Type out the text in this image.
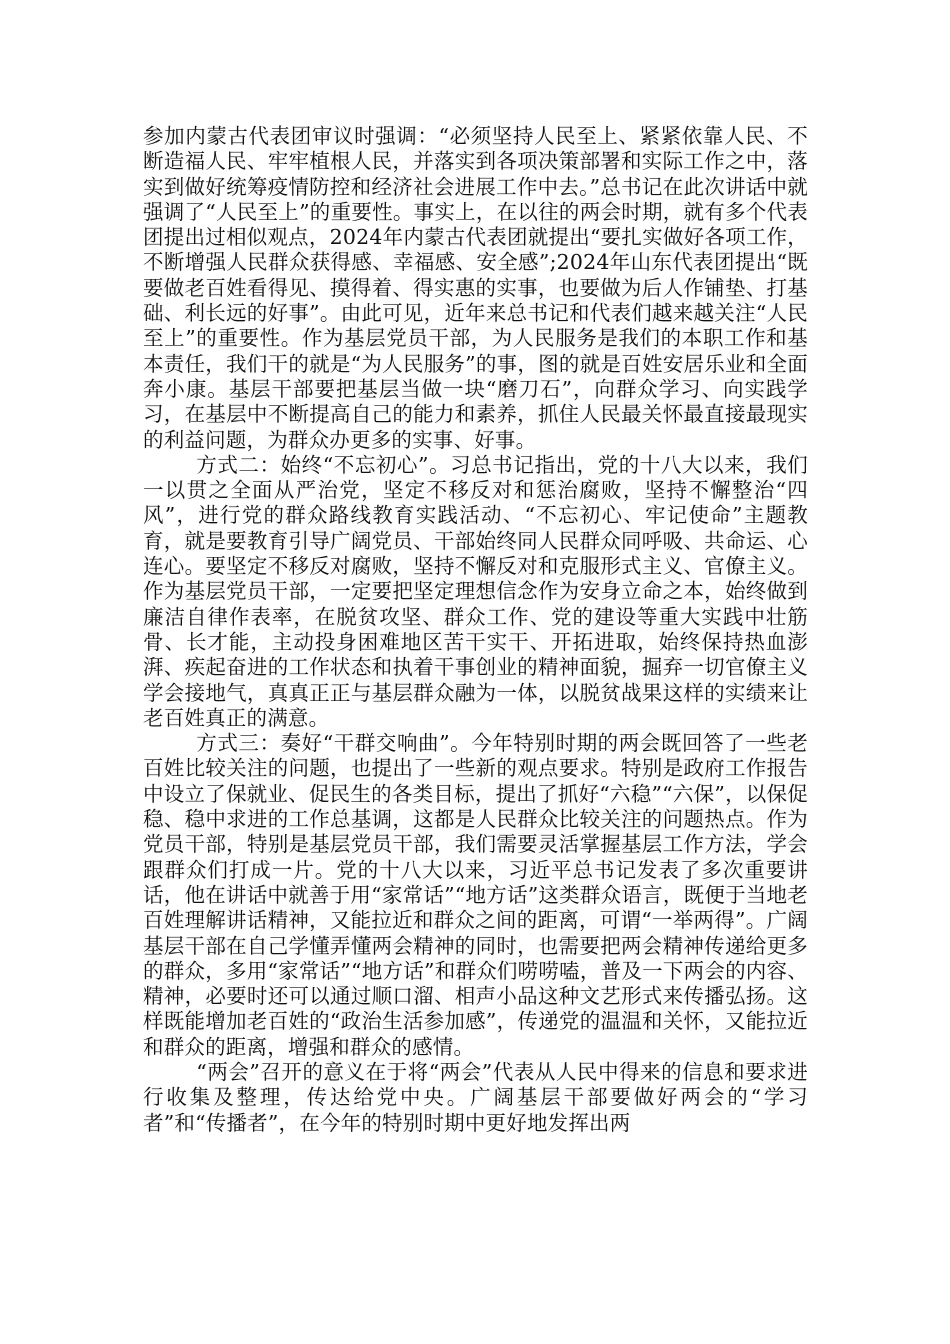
参加内蒙古代表团审议时强调：“必须坚持人民至上、紧紧依靠人民、不断造福人民、牢牢植根人民，并落实到各项决策部署和实际工作之中，落实到做好统筹疫情防控和经济社会进展工作中去。”总书记在此次讲话中就强调了“人民至上”的重要性。事实上，在以往的两会时期，就有多个代表团提出过相似观点，2024年内蒙古代表团就提出“要扎实做好各项工作，不断增强人民群众获得感、幸福感、安全感”;2024年山东代表团提出“既要做老百姓看得见、摸得着、得实惠的实事，也要做为后人作铺垫、打基础、利长远的好事”。由此可见，近年来总书记和代表们越来越关注“人民至上”的重要性。作为基层党员干部，为人民服务是我们的本职工作和基本责任，我们干的就是“为人民服务”的事，图的就是百姓安居乐业和全面奔小康。基层干部要把基层当做一块“磨刀石”，向群众学习、向实践学习，在基层中不断提高自己的能力和素养，抓住人民最关怀最直接最现实的利益问题，为群众办更多的实事、好事。

方式二：始终“不忘初心”。习总书记指出，党的十八大以来，我们一以贯之全面从严治党，坚定不移反对和惩治腐败，坚持不懈整治“四风”，进行党的群众路线教育实践活动、“不忘初心、牢记使命”主题教育，就是要教育引导广阔党员、干部始终同人民群众同呼吸、共命运、心连心。要坚定不移反对腐败，坚持不懈反对和克服形式主义、官僚主义。作为基层党员干部，一定要把坚定理想信念作为安身立命之本，始终做到廉洁自律作表率，在脱贫攻坚、群众工作、党的建设等重大实践中壮筋骨、长才能，主动投身困难地区苦干实干、开拓进取，始终保持热血澎湃、疾起奋进的工作状态和执着干事创业的精神面貌，掘弃一切官僚主义学会接地气，真真正正与基层群众融为一体，以脱贫战果这样的实绩来让老百姓真正的满意。

方式三：奏好“干群交响曲”。今年特别时期的两会既回答了一些老百姓比较关注的问题，也提出了一些新的观点要求。特别是政府工作报告中设立了保就业、促民生的各类目标，提出了抓好“六稳”“六保”，以保促稳、稳中求进的工作总基调，这都是人民群众比较关注的问题热点。作为党员干部，特别是基层党员干部，我们需要灵活掌握基层工作方法，学会跟群众们打成一片。党的十八大以来，习近平总书记发表了多次重要讲话，他在讲话中就善于用“家常话”“地方话”这类群众语言，既便于当地老百姓理解讲话精神，又能拉近和群众之间的距离，可谓“一举两得”。广阔基层干部在自己学懂弄懂两会精神的同时，也需要把两会精神传递给更多的群众，多用“家常话”“地方话”和群众们唠唠嗑，普及一下两会的内容、精神，必要时还可以通过顺口溜、相声小品这种文艺形式来传播弘扬。这样既能增加老百姓的“政治生活参加感”，传递党的温温和关怀，又能拉近和群众的距离，增强和群众的感情。

“两会”召开的意义在于将“两会”代表从人民中得来的信息和要求进行收集及整理，传达给党中央。广阔基层干部要做好两会的“学习者”和“传播者”，在今年的特别时期中更好地发挥出两
